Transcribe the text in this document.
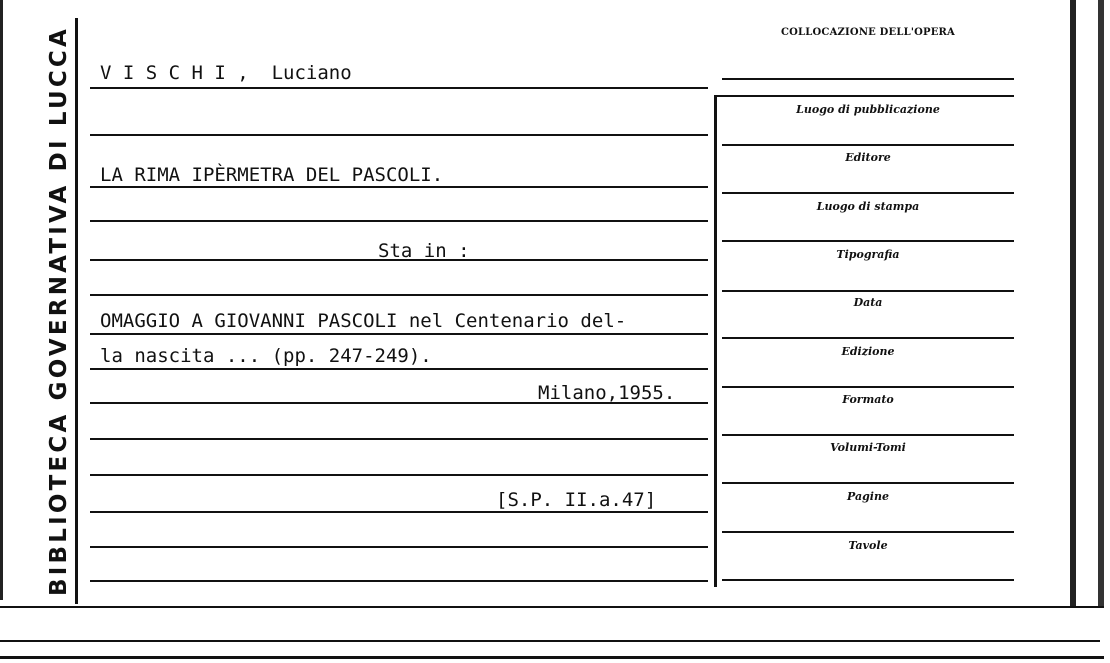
BIBLIOTECA GOVERNATIVA DI LUCCA V I S C H I ,  Luciano
LA RIMA IPÈRMETRA DEL PASCOLI.
Sta in :
OMAGGIO A GIOVANNI PASCOLI nel Centenario del-
la nascita ... (pp. 247-249).
Milano,1955.
[S.P. II.a.47]
COLLOCAZIONE DELL'OPERA
Luogo di pubblicazione
Editore
Luogo di stampa
Tipografia
Data
Edizione
Formato
Volumi-Tomi
Pagine
Tavole
